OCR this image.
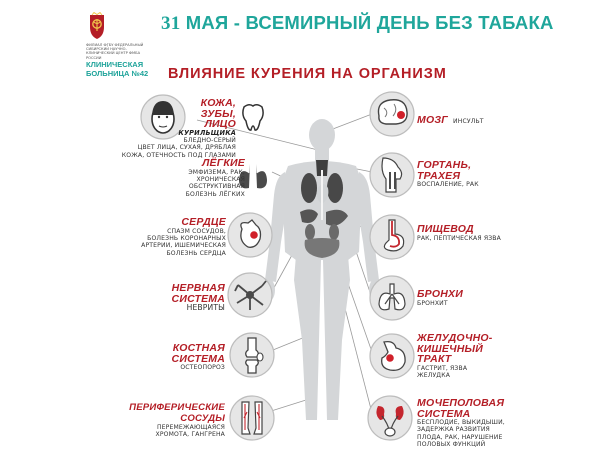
ФИЛИАЛ ФГБУ ФЕДЕРАЛЬНЫЙ СИБИРСКИЙ НАУЧНО-КЛИНИЧЕСКИЙ ЦЕНТР ФМБА РОССИИ
КЛИНИЧЕСКАЯ БОЛЬНИЦА №42
31 МАЯ - ВСЕМИРНЫЙ ДЕНЬ БЕЗ ТАБАКА
ВЛИЯНИЕ КУРЕНИЯ НА ОРГАНИЗМ
КОЖА,
ЗУБЫ,
ЛИЦО
КУРИЛЬЩИКА
БЛЕДНО-СЕРЫЙ
ЦВЕТ ЛИЦА, СУХАЯ, ДРЯБЛАЯ
КОЖА, ОТЕЧНОСТЬ ПОД ГЛАЗАМИ
ЛЁГКИЕ
ЭМФИЗЕМА, РАК,
ХРОНИЧЕСКАЯ
ОБСТРУКТИВНАЯ
БОЛЕЗНЬ ЛЁГКИХ
СЕРДЦЕ
СПАЗМ СОСУДОВ,
БОЛЕЗНЬ КОРОНАРНЫХ
АРТЕРИИ, ИШЕМИЧЕСКАЯ
БОЛЕЗНЬ СЕРДЦА
НЕРВНАЯ
СИСТЕМА
НЕВРИТЫ
КОСТНАЯ
СИСТЕМА
ОСТЕОПОРОЗ
ПЕРИФЕРИЧЕСКИЕ
СОСУДЫ
ПЕРЕМЕЖАЮЩАЯСЯ
ХРОМОТА, ГАНГРЕНА
МОЗГ ИНСУЛЬТ
ГОРТАНЬ,
ТРАХЕЯ
ВОСПАЛЕНИЕ, РАК
ПИЩЕВОД
РАК, ПЕПТИЧЕСКАЯ ЯЗВА
БРОНХИ
БРОНХИТ
ЖЕЛУДОЧНО-
КИШЕЧНЫЙ
ТРАКТ
ГАСТРИТ, ЯЗВА
ЖЕЛУДКА
МОЧЕПОЛОВАЯ
СИСТЕМА
БЕСПЛОДИЕ, ВЫКИДЫШИ,
ЗАДЕРЖКА РАЗВИТИЯ
ПЛОДА, РАК, НАРУШЕНИЕ
ПОЛОВЫХ ФУНКЦИЙ
